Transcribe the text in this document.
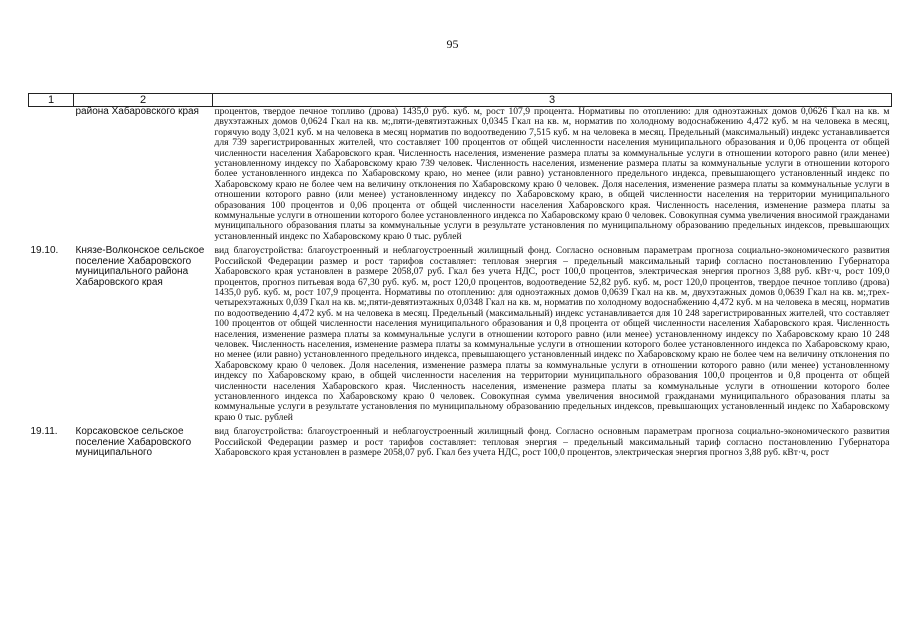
95
1	2	3
	района Хабаровского края	процентов, твердое печное топливо (дрова) 1435,0 руб. куб. м, рост 107,9 процента. Нормативы по отоплению: для одноэтажных домов 0,0626 Гкал на кв. м двухэтажных домов 0,0624 Гкал на кв. м;,пяти-девятиэтажных 0,0345 Гкал на кв. м, норматив по холодному водоснабжению 4,472 куб. м на человека в месяц, горячую воду 3,021 куб. м на человека в месяц норматив по водоотведению 7,515 куб. м на человека в месяц. Предельный (максимальный) индекс устанавливается для 739 зарегистрированных жителей, что составляет 100 процентов от общей численности населения муниципального образования и 0,06 процента от общей численности населения Хабаровского края. Численность населения, изменение размера платы за коммунальные услуги в отношении которого равно (или менее) установленному индексу по Хабаровскому краю 739 человек. Численность населения, изменение размера платы за коммунальные услуги в отношении которого более установленного индекса по Хабаровскому краю, но менее (или равно) установленного предельного индекса, превышающего установленный индекс по Хабаровскому краю не более чем на величину отклонения по Хабаровскому краю 0 человек. Доля населения, изменение размера платы за коммунальные услуги в отношении которого равно (или менее) установленному индексу по Хабаровскому краю, в общей численности населения на территории муниципального образования 100 процентов и 0,06 процента от общей численности населения Хабаровского края. Численность населения, изменение размера платы за коммунальные услуги в отношении которого более установленного индекса по Хабаровскому краю 0 человек. Совокупная сумма увеличения вносимой гражданами муниципального образования платы за коммунальные услуги в результате установления по муниципальному образованию предельных индексов, превышающих установленный индекс по Хабаровскому краю 0 тыс. рублей
19.10.	Князе-Волконское сельское поселение Хабаровского муниципального района Хабаровского края	вид благоустройства: благоустроенный и неблагоустроенный жилищный фонд. Согласно основным параметрам прогноза социально-экономического развития Российской Федерации размер и рост тарифов составляет: тепловая энергия – предельный максимальный тариф согласно постановлению Губернатора Хабаровского края установлен в размере 2058,07 руб. Гкал без учета НДС, рост 100,0 процентов, электрическая энергия прогноз 3,88 руб. кВт·ч, рост 109,0 процентов, прогноз питьевая вода 67,30 руб. куб. м, рост 120,0 процентов, водоотведение 52,82 руб. куб. м, рост 120,0 процентов, твердое печное топливо (дрова) 1435,0 руб. куб. м, рост 107,9 процента. Нормативы по отоплению: для одноэтажных домов 0,0639 Гкал на кв. м, двухэтажных домов 0,0639 Гкал на кв. м;,трех-четырехэтажных 0,039 Гкал на кв. м;,пяти-девятиэтажных 0,0348 Гкал на кв. м, норматив по холодному водоснабжению 4,472 куб. м на человека в месяц, норматив по водоотведению 4,472 куб. м на человека в месяц. Предельный (максимальный) индекс устанавливается для 10 248 зарегистрированных жителей, что составляет 100 процентов от общей численности населения муниципального образования и 0,8 процента от общей численности населения Хабаровского края. Численность населения, изменение размера платы за коммунальные услуги в отношении которого равно (или менее) установленному индексу по Хабаровскому краю 10 248 человек. Численность населения, изменение размера платы за коммунальные услуги в отношении которого более установленного индекса по Хабаровскому краю, но менее (или равно) установленного предельного индекса, превышающего установленный индекс по Хабаровскому краю не более чем на величину отклонения по Хабаровскому краю 0 человек. Доля населения, изменение размера платы за коммунальные услуги в отношении которого равно (или менее) установленному индексу по Хабаровскому краю, в общей численности населения на территории муниципального образования 100,0 процентов и 0,8 процента от общей численности населения Хабаровского края. Численность населения, изменение размера платы за коммунальные услуги в отношении которого более установленного индекса по Хабаровскому краю 0 человек. Совокупная сумма увеличения вносимой гражданами муниципального образования платы за коммунальные услуги в результате установления по муниципальному образованию предельных индексов, превышающих установленный индекс по Хабаровскому краю 0 тыс. рублей
19.11.	Корсаковское сельское поселение Хабаровского муниципального	вид благоустройства: благоустроенный и неблагоустроенный жилищный фонд. Согласно основным параметрам прогноза социально-экономического развития Российской Федерации размер и рост тарифов составляет: тепловая энергия – предельный максимальный тариф согласно постановлению Губернатора Хабаровского края установлен в размере 2058,07 руб. Гкал без учета НДС, рост 100,0 процентов, электрическая энергия прогноз 3,88 руб. кВт·ч, рост
